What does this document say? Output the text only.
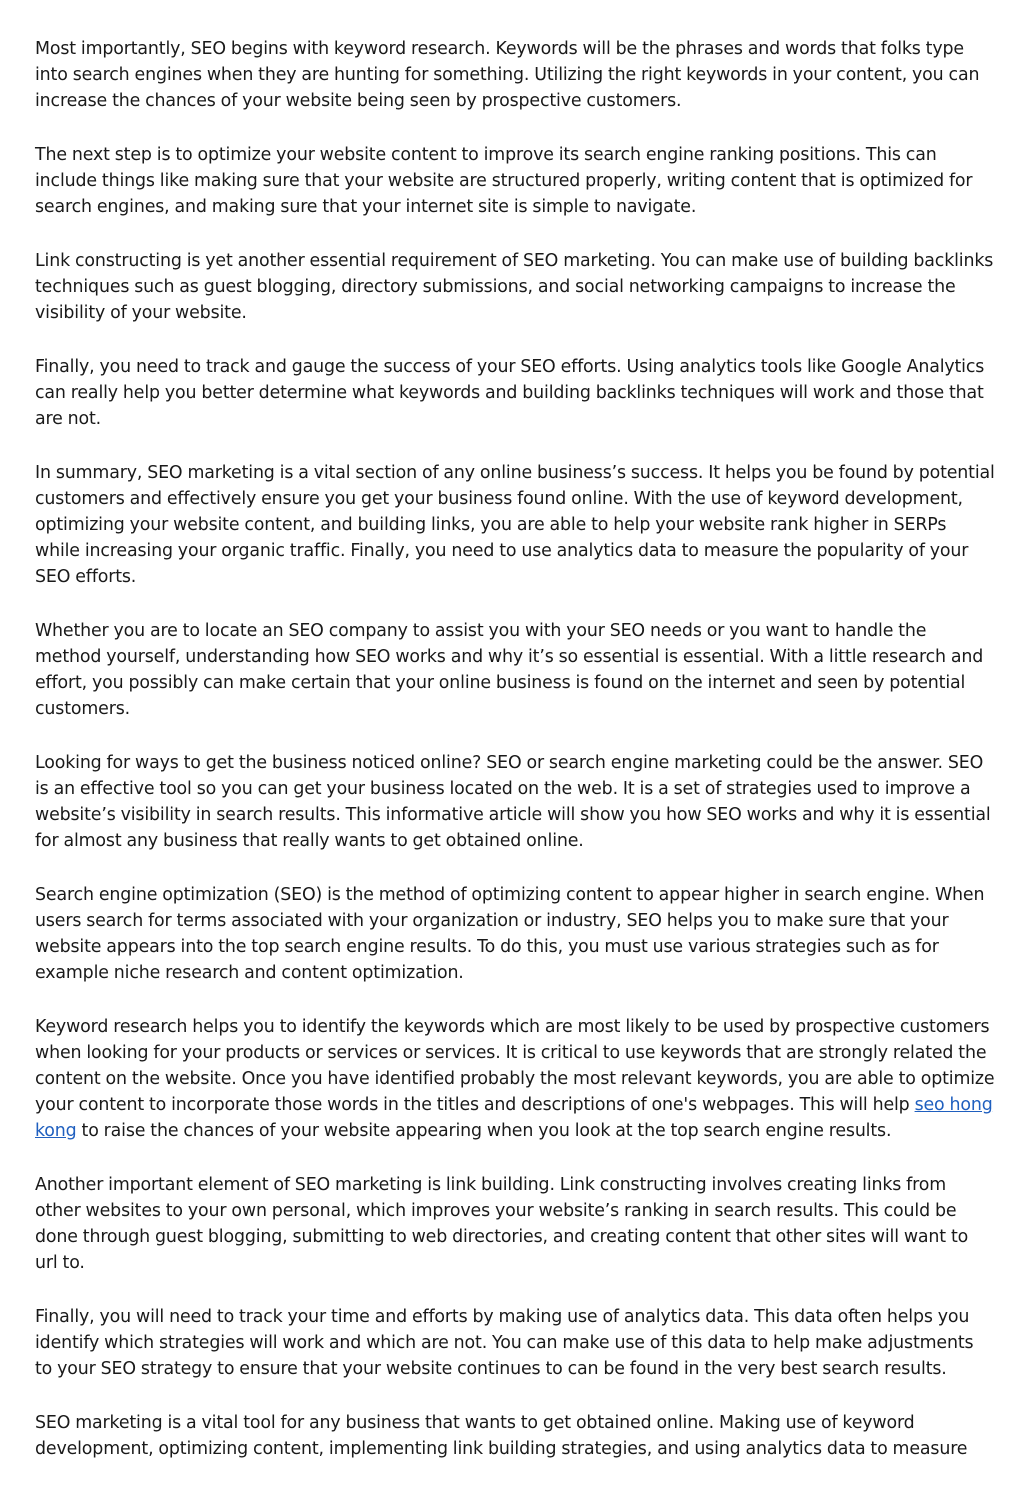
Most importantly, SEO begins with keyword research. Keywords will be the phrases and words that folks type into search engines when they are hunting for something. Utilizing the right keywords in your content, you can increase the chances of your website being seen by prospective customers.

The next step is to optimize your website content to improve its search engine ranking positions. This can include things like making sure that your website are structured properly, writing content that is optimized for search engines, and making sure that your internet site is simple to navigate.

Link constructing is yet another essential requirement of SEO marketing. You can make use of building backlinks techniques such as guest blogging, directory submissions, and social networking campaigns to increase the visibility of your website.

Finally, you need to track and gauge the success of your SEO efforts. Using analytics tools like Google Analytics can really help you better determine what keywords and building backlinks techniques will work and those that are not.

In summary, SEO marketing is a vital section of any online business’s success. It helps you be found by potential customers and effectively ensure you get your business found online. With the use of keyword development, optimizing your website content, and building links, you are able to help your website rank higher in SERPs while increasing your organic traffic. Finally, you need to use analytics data to measure the popularity of your SEO efforts.

Whether you are to locate an SEO company to assist you with your SEO needs or you want to handle the method yourself, understanding how SEO works and why it’s so essential is essential. With a little research and effort, you possibly can make certain that your online business is found on the internet and seen by potential customers.

Looking for ways to get the business noticed online? SEO or search engine marketing could be the answer. SEO is an effective tool so you can get your business located on the web. It is a set of strategies used to improve a website’s visibility in search results. This informative article will show you how SEO works and why it is essential for almost any business that really wants to get obtained online.

Search engine optimization (SEO) is the method of optimizing content to appear higher in search engine. When users search for terms associated with your organization or industry, SEO helps you to make sure that your website appears into the top search engine results. To do this, you must use various strategies such as for example niche research and content optimization.

Keyword research helps you to identify the keywords which are most likely to be used by prospective customers when looking for your products or services or services. It is critical to use keywords that are strongly related the content on the website. Once you have identified probably the most relevant keywords, you are able to optimize your content to incorporate those words in the titles and descriptions of one's webpages. This will help seo hong kong to raise the chances of your website appearing when you look at the top search engine results.

Another important element of SEO marketing is link building. Link constructing involves creating links from other websites to your own personal, which improves your website’s ranking in search results. This could be done through guest blogging, submitting to web directories, and creating content that other sites will want to url to.

Finally, you will need to track your time and efforts by making use of analytics data. This data often helps you identify which strategies will work and which are not. You can make use of this data to help make adjustments to your SEO strategy to ensure that your website continues to can be found in the very best search results.

SEO marketing is a vital tool for any business that wants to get obtained online. Making use of keyword development, optimizing content, implementing link building strategies, and using analytics data to measure
